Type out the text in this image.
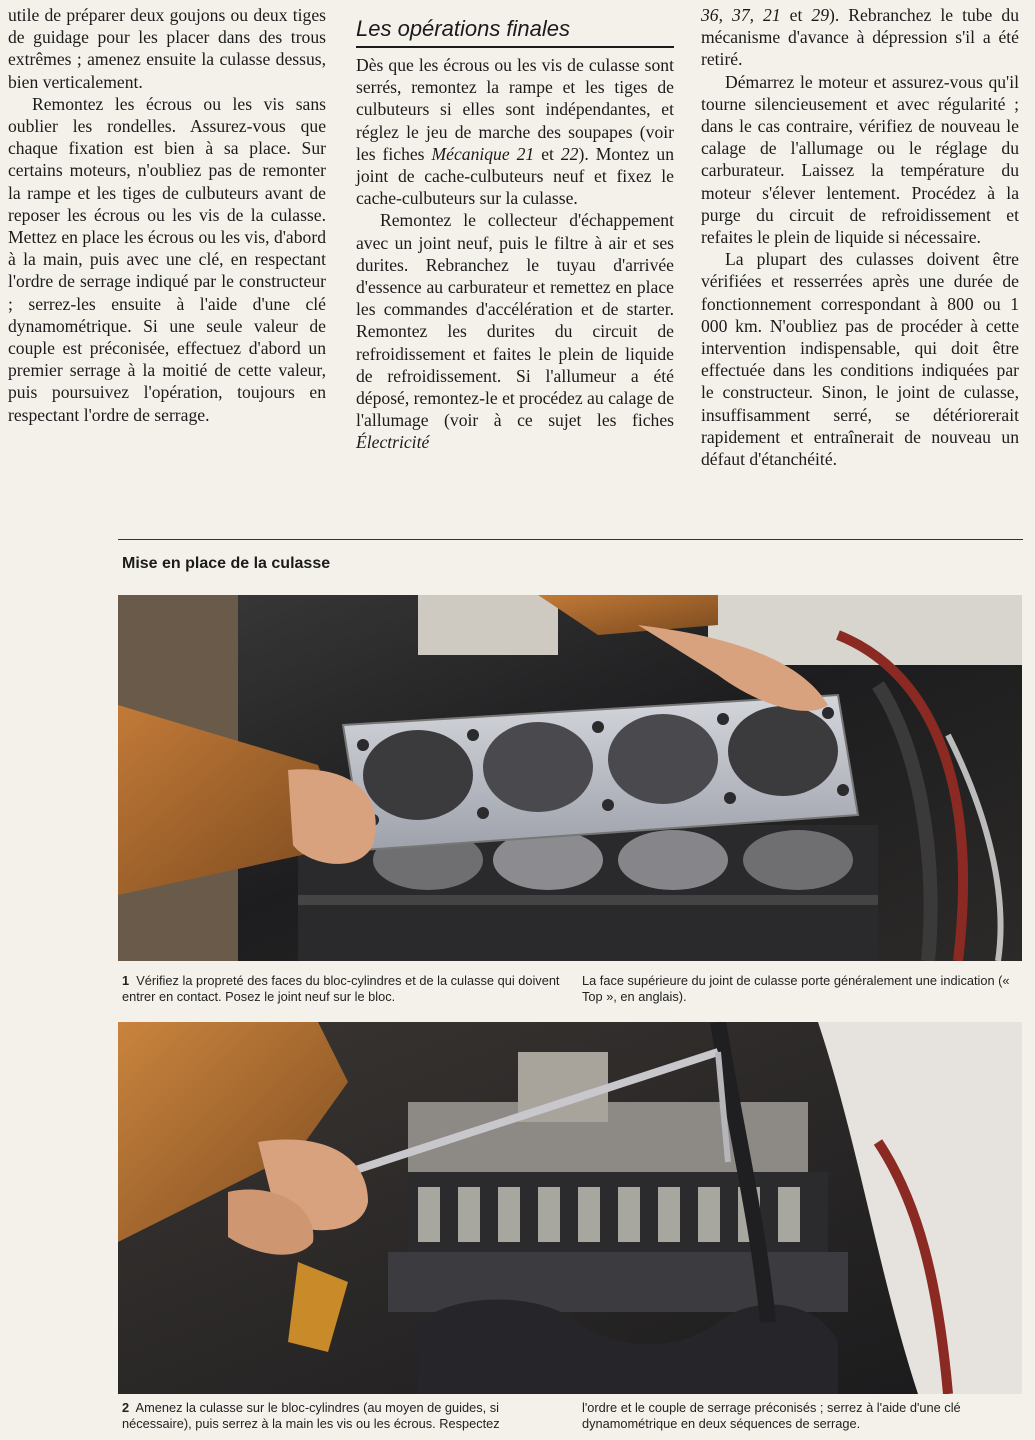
utile de préparer deux goujons ou deux tiges de guidage pour les placer dans des trous extrêmes ; amenez ensuite la culasse dessus, bien verticalement.

Remontez les écrous ou les vis sans oublier les rondelles. Assurez-vous que chaque fixation est bien à sa place. Sur certains moteurs, n'oubliez pas de remonter la rampe et les tiges de culbuteurs avant de reposer les écrous ou les vis de la culasse. Mettez en place les écrous ou les vis, d'abord à la main, puis avec une clé, en respectant l'ordre de serrage indiqué par le constructeur ; serrez-les ensuite à l'aide d'une clé dynamométrique. Si une seule valeur de couple est préconisée, effectuez d'abord un premier serrage à la moitié de cette valeur, puis poursuivez l'opération, toujours en respectant l'ordre de serrage.

Les opérations finales

Dès que les écrous ou les vis de culasse sont serrés, remontez la rampe et les tiges de culbuteurs si elles sont indépendantes, et réglez le jeu de marche des soupapes (voir les fiches Mécanique 21 et 22). Montez un joint de cache-culbuteurs neuf et fixez le cache-culbuteurs sur la culasse.

Remontez le collecteur d'échappement avec un joint neuf, puis le filtre à air et ses durites. Rebranchez le tuyau d'arrivée d'essence au carburateur et remettez en place les commandes d'accélération et de starter. Remontez les durites du circuit de refroidissement et faites le plein de liquide de refroidissement. Si l'allumeur a été déposé, remontez-le et procédez au calage de l'allumage (voir à ce sujet les fiches Électricité

36, 37, 21 et 29). Rebranchez le tube du mécanisme d'avance à dépression s'il a été retiré.

Démarrez le moteur et assurez-vous qu'il tourne silencieusement et avec régularité ; dans le cas contraire, vérifiez de nouveau le calage de l'allumage ou le réglage du carburateur. Laissez la température du moteur s'élever lentement. Procédez à la purge du circuit de refroidissement et refaites le plein de liquide si nécessaire.

La plupart des culasses doivent être vérifiées et resserrées après une durée de fonctionnement correspondant à 800 ou 1 000 km. N'oubliez pas de procéder à cette intervention indispensable, qui doit être effectuée dans les conditions indiquées par le constructeur. Sinon, le joint de culasse, insuffisamment serré, se détériorerait rapidement et entraînerait de nouveau un défaut d'étanchéité.

Mise en place de la culasse
1 Vérifiez la propreté des faces du bloc-cylindres et de la culasse qui doivent entrer en contact. Posez le joint neuf sur le bloc.
La face supérieure du joint de culasse porte généralement une indication (« Top », en anglais).
2 Amenez la culasse sur le bloc-cylindres (au moyen de guides, si nécessaire), puis serrez à la main les vis ou les écrous. Respectez
l'ordre et le couple de serrage préconisés ; serrez à l'aide d'une clé dynamométrique en deux séquences de serrage.
